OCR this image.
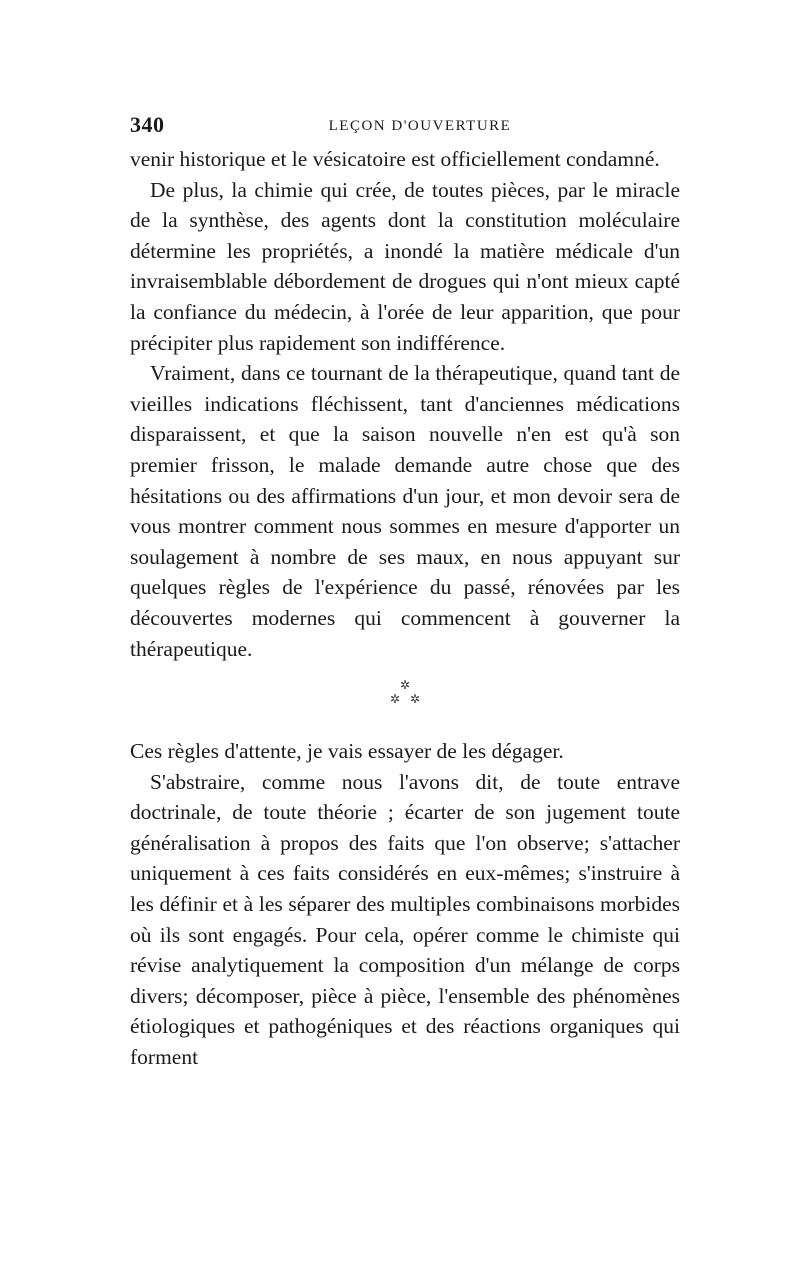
340	LEÇON D'OUVERTURE

venir historique et le vésicatoire est officiellement condamné.

De plus, la chimie qui crée, de toutes pièces, par le miracle de la synthèse, des agents dont la constitution moléculaire détermine les propriétés, a inondé la matière médicale d'un invraisemblable débordement de drogues qui n'ont mieux capté la confiance du médecin, à l'orée de leur apparition, que pour précipiter plus rapidement son indifférence.

Vraiment, dans ce tournant de la thérapeutique, quand tant de vieilles indications fléchissent, tant d'anciennes médications disparaissent, et que la saison nouvelle n'en est qu'à son premier frisson, le malade demande autre chose que des hésitations ou des affirmations d'un jour, et mon devoir sera de vous montrer comment nous sommes en mesure d'apporter un soulagement à nombre de ses maux, en nous appuyant sur quelques règles de l'expérience du passé, rénovées par les découvertes modernes qui commencent à gouverner la thérapeutique.

✲
✲ ✲

Ces règles d'attente, je vais essayer de les dégager.

S'abstraire, comme nous l'avons dit, de toute entrave doctrinale, de toute théorie ; écarter de son jugement toute généralisation à propos des faits que l'on observe; s'attacher uniquement à ces faits considérés en eux-mêmes; s'instruire à les définir et à les séparer des multiples combinaisons morbides où ils sont engagés. Pour cela, opérer comme le chimiste qui révise analytiquement la composition d'un mélange de corps divers; décomposer, pièce à pièce, l'ensemble des phénomènes étiologiques et pathogéniques et des réactions organiques qui forment
